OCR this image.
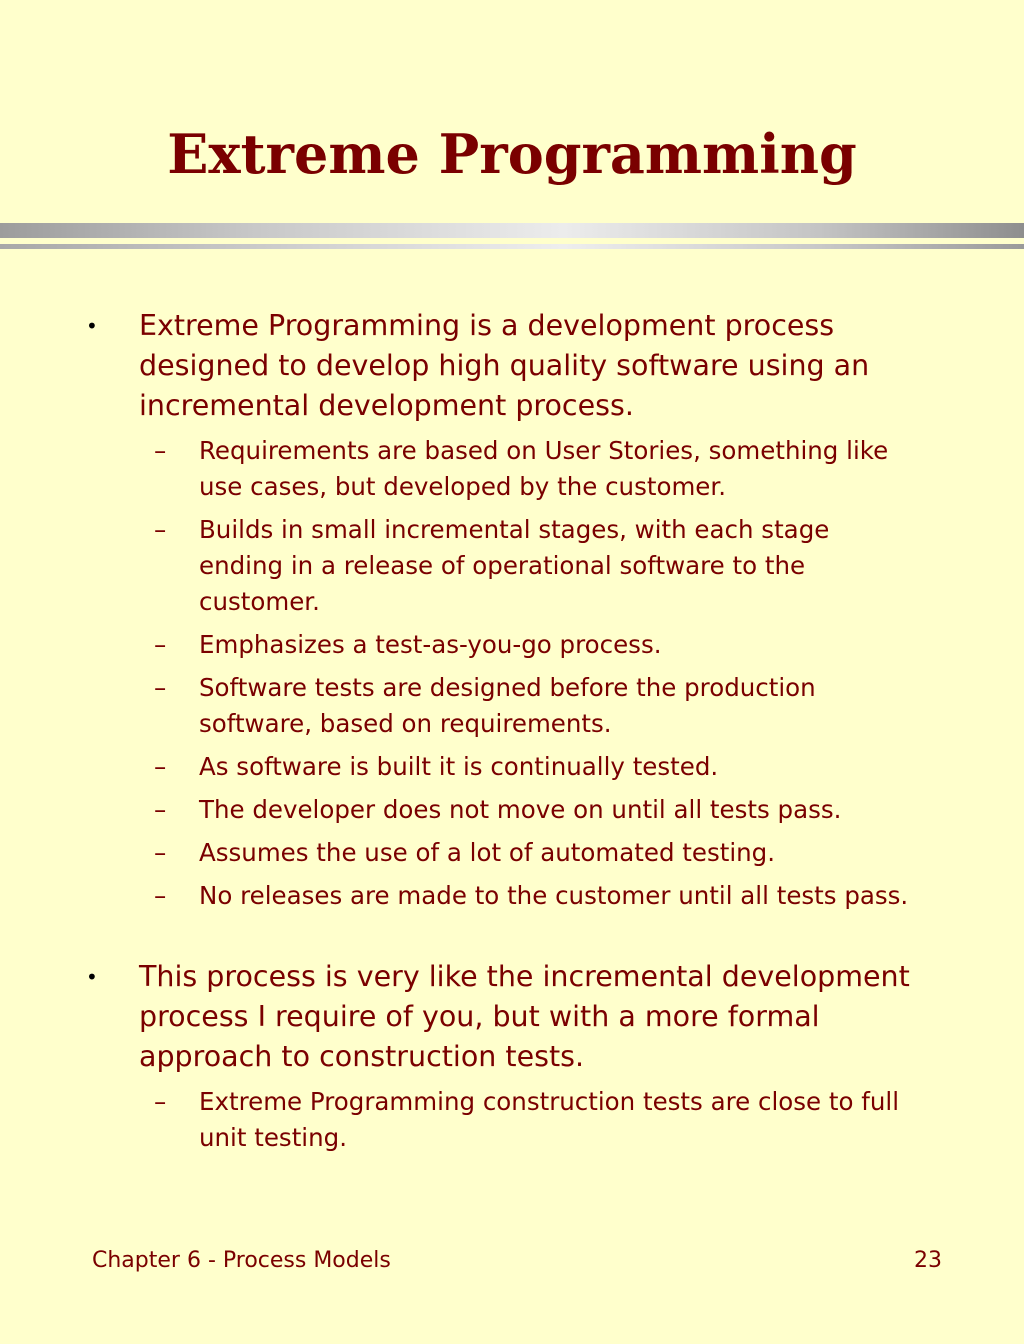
Extreme Programming
• Extreme Programming is a development process designed to develop high quality software using an incremental development process.
– Requirements are based on User Stories, something like use cases, but developed by the customer.
– Builds in small incremental stages, with each stage ending in a release of operational software to the customer.
– Emphasizes a test-as-you-go process.
– Software tests are designed before the production software, based on requirements.
– As software is built it is continually tested.
– The developer does not move on until all tests pass.
– Assumes the use of a lot of automated testing.
– No releases are made to the customer until all tests pass.
• This process is very like the incremental development process I require of you, but with a more formal approach to construction tests.
– Extreme Programming construction tests are close to full unit testing.
Chapter 6 - Process Models	23
